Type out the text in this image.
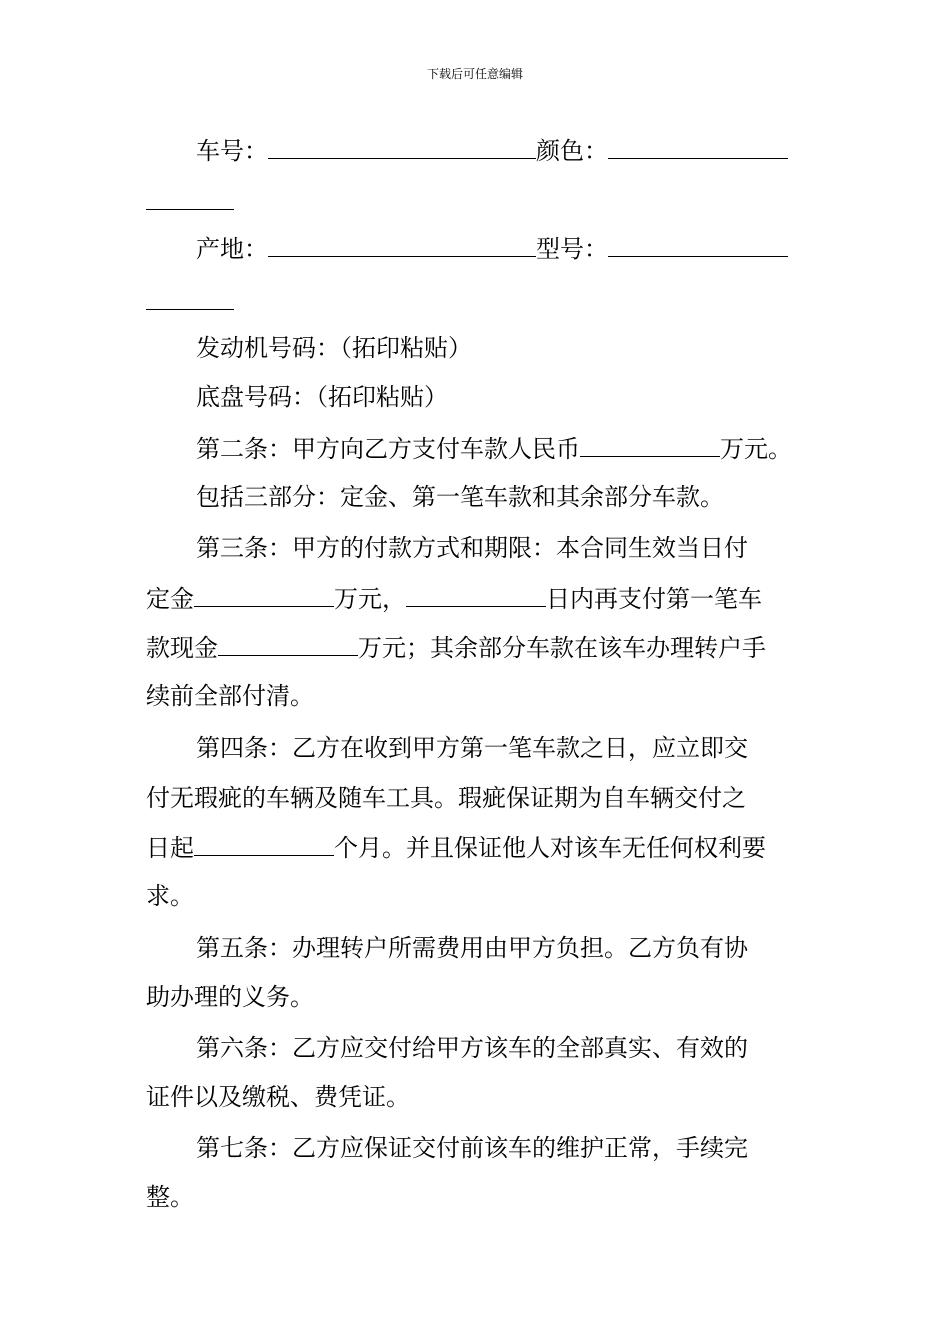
下载后可任意编辑
车号：	颜色：
产地：	型号：
发动机号码：（拓印粘贴）
底盘号码：（拓印粘贴）
第二条：甲方向乙方支付车款人民币	万元。
包括三部分：定金、第一笔车款和其余部分车款。
第三条：甲方的付款方式和期限：本合同生效当日付
定金	万元，	日内再支付第一笔车
款现金	万元；其余部分车款在该车办理转户手
续前全部付清。
第四条：乙方在收到甲方第一笔车款之日，应立即交
付无瑕疵的车辆及随车工具。瑕疵保证期为自车辆交付之
日起	个月。并且保证他人对该车无任何权利要
求。
第五条：办理转户所需费用由甲方负担。乙方负有协
助办理的义务。
第六条：乙方应交付给甲方该车的全部真实、有效的
证件以及缴税、费凭证。
第七条：乙方应保证交付前该车的维护正常，手续完
整。
